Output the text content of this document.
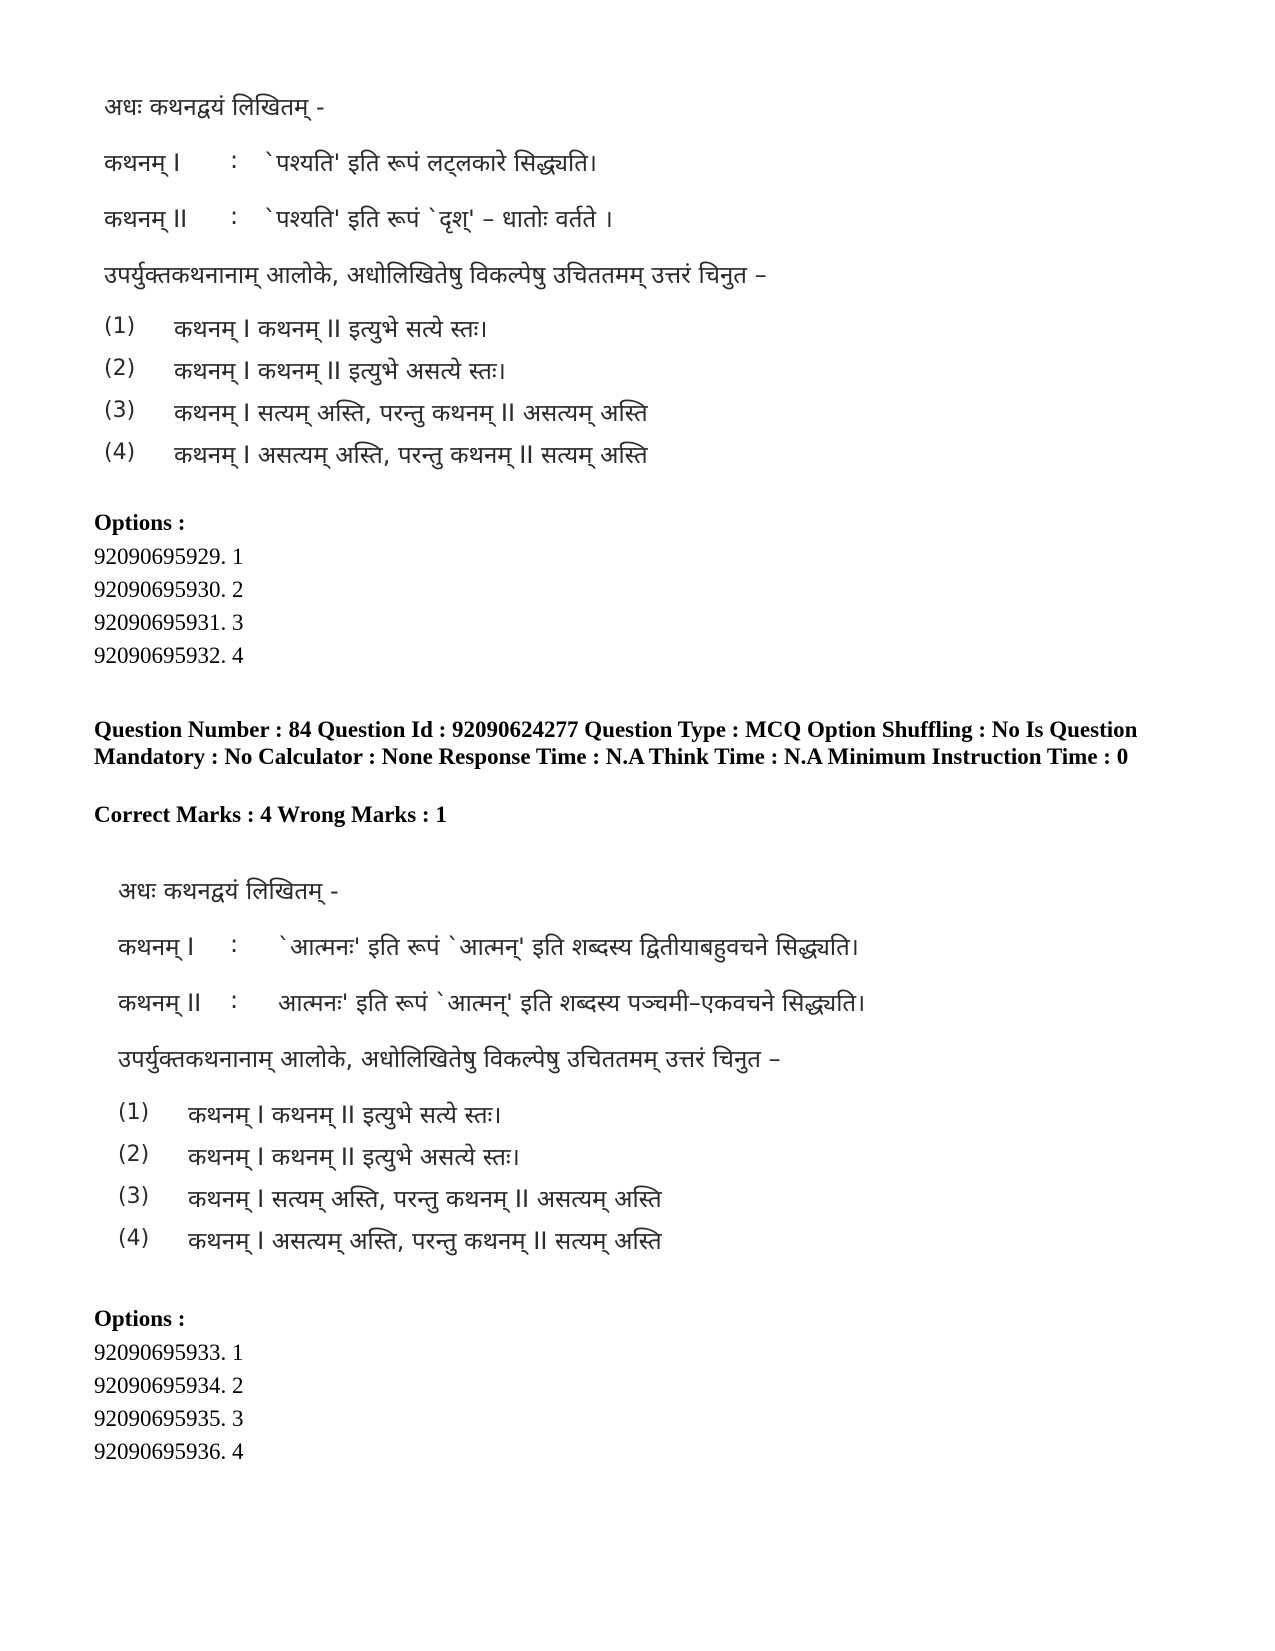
अधः कथनद्वयं लिखितम् -
कथनम् I : `पश्यति' इति रूपं लट्लकारे सिद्ध्यति।
कथनम् II : `पश्यति' इति रूपं `दृश्' – धातोः वर्तते ।
उपर्युक्तकथनानाम् आलोके, अधोलिखितेषु विकल्पेषु उचिततमम् उत्तरं चिनुत –
(1) कथनम् I कथनम् II इत्युभे सत्ये स्तः।
(2) कथनम् I कथनम् II इत्युभे असत्ये स्तः।
(3) कथनम् I सत्यम् अस्ति, परन्तु कथनम् II असत्यम् अस्ति
(4) कथनम् I असत्यम् अस्ति, परन्तु कथनम् II सत्यम् अस्ति
Options :
92090695929. 1
92090695930. 2
92090695931. 3
92090695932. 4
Question Number : 84 Question Id : 92090624277 Question Type : MCQ Option Shuffling : No Is Question Mandatory : No Calculator : None Response Time : N.A Think Time : N.A Minimum Instruction Time : 0
Correct Marks : 4 Wrong Marks : 1
अधः कथनद्वयं लिखितम् -
कथनम् I : `आत्मनः' इति रूपं `आत्मन्' इति शब्दस्य द्वितीयाबहुवचने सिद्ध्यति।
कथनम् II : आत्मनः' इति रूपं `आत्मन्' इति शब्दस्य पञ्चमी–एकवचने सिद्ध्यति।
उपर्युक्तकथनानाम् आलोके, अधोलिखितेषु विकल्पेषु उचिततमम् उत्तरं चिनुत –
(1) कथनम् I कथनम् II इत्युभे सत्ये स्तः।
(2) कथनम् I कथनम् II इत्युभे असत्ये स्तः।
(3) कथनम् I सत्यम् अस्ति, परन्तु कथनम् II असत्यम् अस्ति
(4) कथनम् I असत्यम् अस्ति, परन्तु कथनम् II सत्यम् अस्ति
Options :
92090695933. 1
92090695934. 2
92090695935. 3
92090695936. 4
